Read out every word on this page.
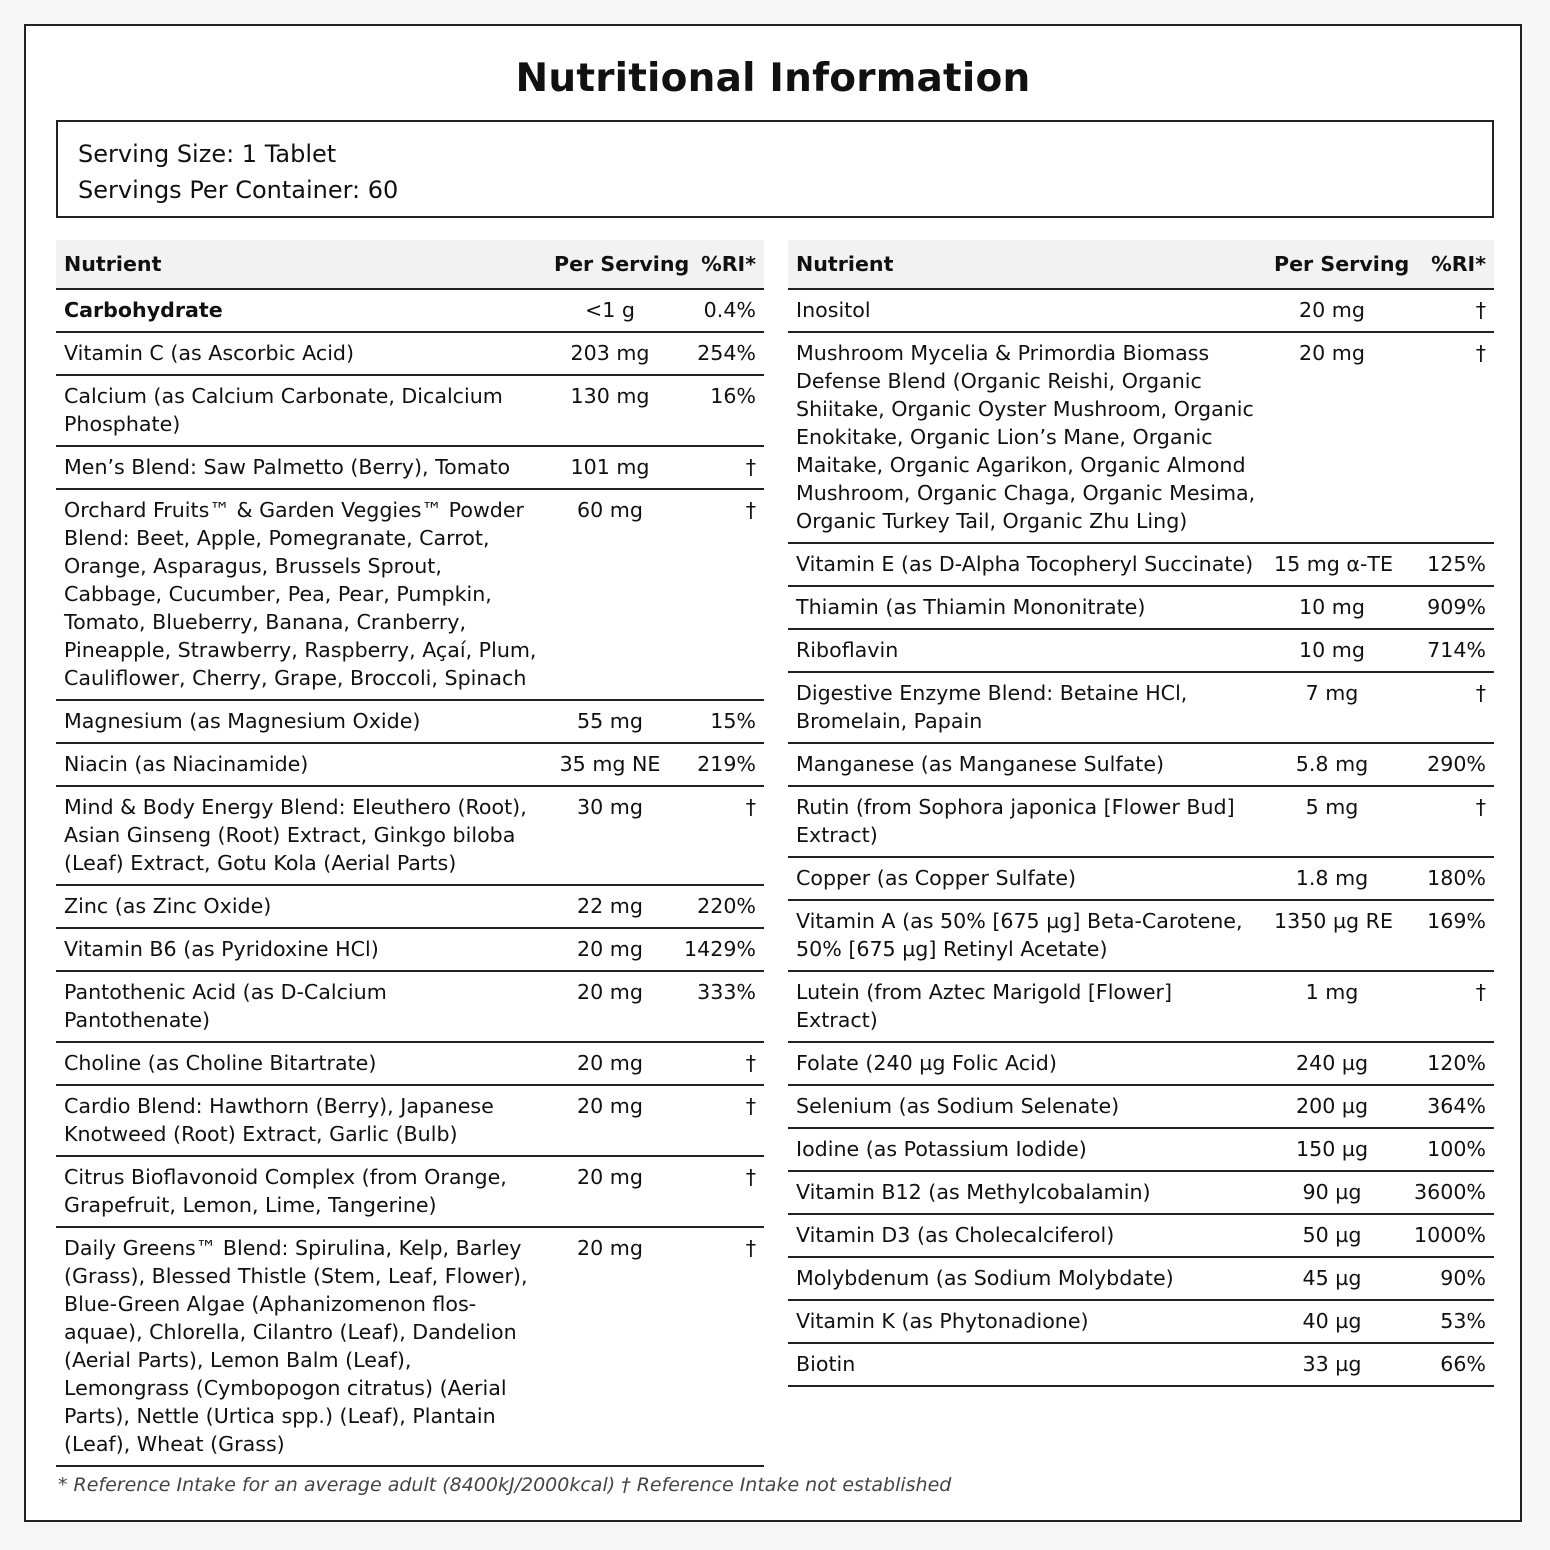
Nutritional Information
Serving Size: 1 Tablet
Servings Per Container: 60
Nutrient	Per Serving	%RI*
Carbohydrate	<1 g	0.4%
Vitamin C (as Ascorbic Acid)	203 mg	254%
Calcium (as Calcium Carbonate, Dicalcium Phosphate)	130 mg	16%
Men’s Blend: Saw Palmetto (Berry), Tomato	101 mg	†
Orchard Fruits™ & Garden Veggies™ Powder Blend: Beet, Apple, Pomegranate, Carrot, Orange, Asparagus, Brussels Sprout, Cabbage, Cucumber, Pea, Pear, Pumpkin, Tomato, Blueberry, Banana, Cranberry, Pineapple, Strawberry, Raspberry, Açaí, Plum, Cauliflower, Cherry, Grape, Broccoli, Spinach	60 mg	†
Magnesium (as Magnesium Oxide)	55 mg	15%
Niacin (as Niacinamide)	35 mg NE	219%
Mind & Body Energy Blend: Eleuthero (Root), Asian Ginseng (Root) Extract, Ginkgo biloba (Leaf) Extract, Gotu Kola (Aerial Parts)	30 mg	†
Zinc (as Zinc Oxide)	22 mg	220%
Vitamin B6 (as Pyridoxine HCl)	20 mg	1429%
Pantothenic Acid (as D-Calcium Pantothenate)	20 mg	333%
Choline (as Choline Bitartrate)	20 mg	†
Cardio Blend: Hawthorn (Berry), Japanese Knotweed (Root) Extract, Garlic (Bulb)	20 mg	†
Citrus Bioflavonoid Complex (from Orange, Grapefruit, Lemon, Lime, Tangerine)	20 mg	†
Daily Greens™ Blend: Spirulina, Kelp, Barley (Grass), Blessed Thistle (Stem, Leaf, Flower), Blue-Green Algae (Aphanizomenon flos-aquae), Chlorella, Cilantro (Leaf), Dandelion (Aerial Parts), Lemon Balm (Leaf), Lemongrass (Cymbopogon citratus) (Aerial Parts), Nettle (Urtica spp.) (Leaf), Plantain (Leaf), Wheat (Grass)	20 mg	†
Nutrient	Per Serving	%RI*
Inositol	20 mg	†
Mushroom Mycelia & Primordia Biomass Defense Blend (Organic Reishi, Organic Shiitake, Organic Oyster Mushroom, Organic Enokitake, Organic Lion’s Mane, Organic Maitake, Organic Agarikon, Organic Almond Mushroom, Organic Chaga, Organic Mesima, Organic Turkey Tail, Organic Zhu Ling)	20 mg	†
Vitamin E (as D-Alpha Tocopheryl Succinate)	15 mg α-TE	125%
Thiamin (as Thiamin Mononitrate)	10 mg	909%
Riboflavin	10 mg	714%
Digestive Enzyme Blend: Betaine HCl, Bromelain, Papain	7 mg	†
Manganese (as Manganese Sulfate)	5.8 mg	290%
Rutin (from Sophora japonica [Flower Bud] Extract)	5 mg	†
Copper (as Copper Sulfate)	1.8 mg	180%
Vitamin A (as 50% [675 µg] Beta-Carotene, 50% [675 µg] Retinyl Acetate)	1350 µg RE	169%
Lutein (from Aztec Marigold [Flower] Extract)	1 mg	†
Folate (240 µg Folic Acid)	240 µg	120%
Selenium (as Sodium Selenate)	200 µg	364%
Iodine (as Potassium Iodide)	150 µg	100%
Vitamin B12 (as Methylcobalamin)	90 µg	3600%
Vitamin D3 (as Cholecalciferol)	50 µg	1000%
Molybdenum (as Sodium Molybdate)	45 µg	90%
Vitamin K (as Phytonadione)	40 µg	53%
Biotin	33 µg	66%
* Reference Intake for an average adult (8400kJ/2000kcal) † Reference Intake not established
